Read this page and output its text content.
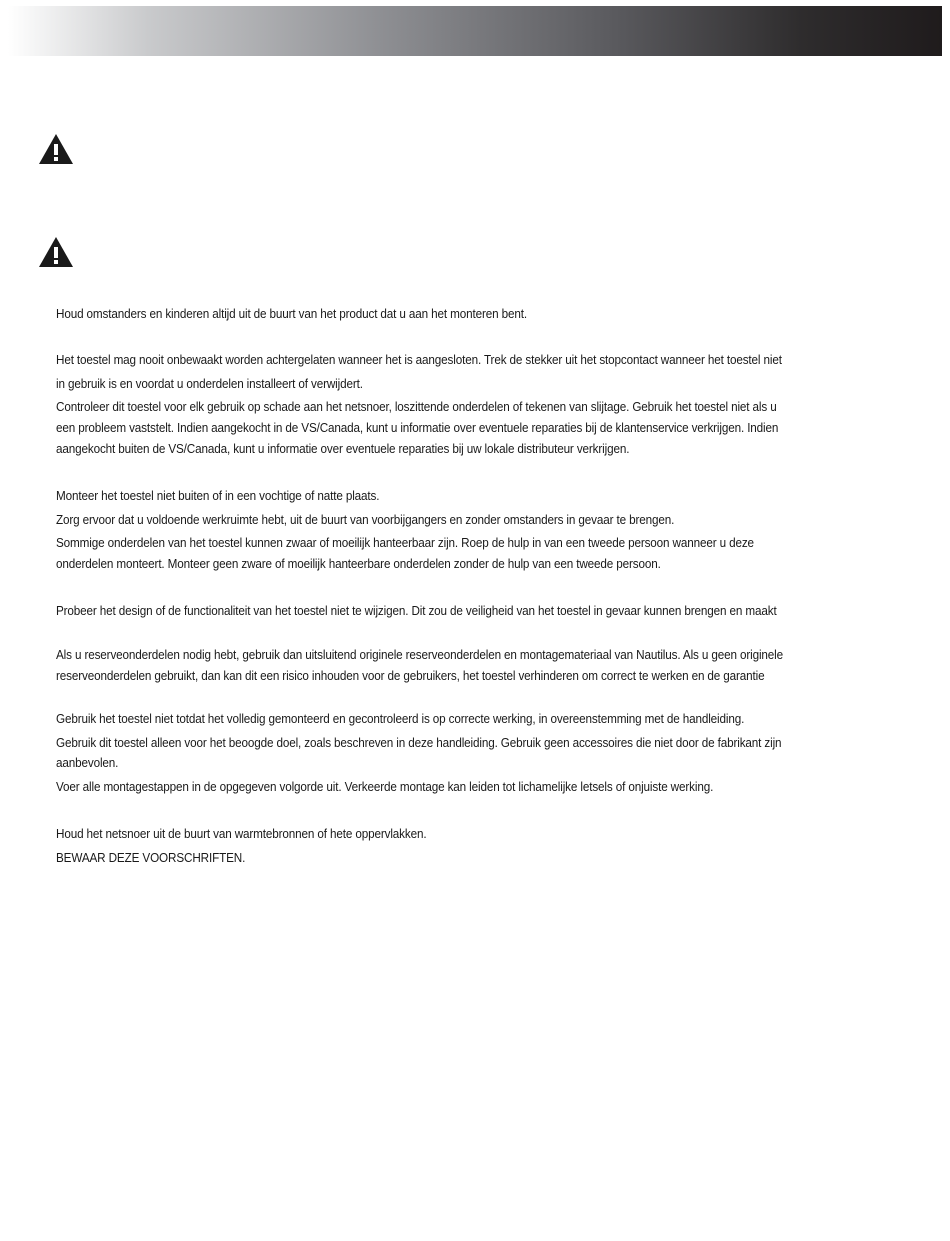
Houd omstanders en kinderen altijd uit de buurt van het product dat u aan het monteren bent.

Het toestel mag nooit onbewaakt worden achtergelaten wanneer het is aangesloten. Trek de stekker uit het stopcontact wanneer het toestel niet

in gebruik is en voordat u onderdelen installeert of verwijdert.

Controleer dit toestel voor elk gebruik op schade aan het netsnoer, loszittende onderdelen of tekenen van slijtage. Gebruik het toestel niet als u

een probleem vaststelt. Indien aangekocht in de VS/Canada, kunt u informatie over eventuele reparaties bij de klantenservice verkrijgen. Indien

aangekocht buiten de VS/Canada, kunt u informatie over eventuele reparaties bij uw lokale distributeur verkrijgen.

Monteer het toestel niet buiten of in een vochtige of natte plaats.

Zorg ervoor dat u voldoende werkruimte hebt, uit de buurt van voorbijgangers en zonder omstanders in gevaar te brengen.

Sommige onderdelen van het toestel kunnen zwaar of moeilijk hanteerbaar zijn. Roep de hulp in van een tweede persoon wanneer u deze

onderdelen monteert. Monteer geen zware of moeilijk hanteerbare onderdelen zonder de hulp van een tweede persoon.

Probeer het design of de functionaliteit van het toestel niet te wijzigen. Dit zou de veiligheid van het toestel in gevaar kunnen brengen en maakt

Als u reserveonderdelen nodig hebt, gebruik dan uitsluitend originele reserveonderdelen en montagemateriaal van Nautilus. Als u geen originele

reserveonderdelen gebruikt, dan kan dit een risico inhouden voor de gebruikers, het toestel verhinderen om correct te werken en de garantie

Gebruik het toestel niet totdat het volledig gemonteerd en gecontroleerd is op correcte werking, in overeenstemming met de handleiding.

Gebruik dit toestel alleen voor het beoogde doel, zoals beschreven in deze handleiding. Gebruik geen accessoires die niet door de fabrikant zijn

aanbevolen.

Voer alle montagestappen in de opgegeven volgorde uit. Verkeerde montage kan leiden tot lichamelijke letsels of onjuiste werking.

Houd het netsnoer uit de buurt van warmtebronnen of hete oppervlakken.

BEWAAR DEZE VOORSCHRIFTEN.
